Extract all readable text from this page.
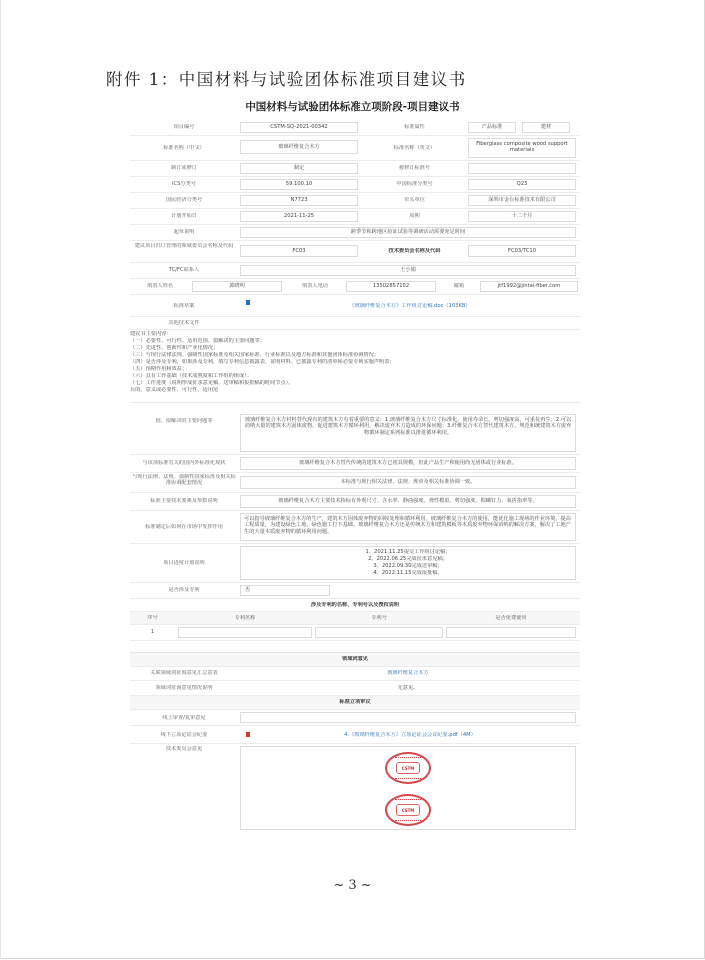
附件 1：中国材料与试验团体标准项目建议书
中国材料与试验团体标准立项阶段-项目建议书
项目编号	CSTM-SQ-2021-00342	标准属性	产品标准	建材
标准名称（中文）	玻璃纤维复合木方	标准名称（英文）
Fiberglass composite wood support materials
制订或修订	制定	被修订标准号
ICS分类号	59.100.10	中国标准分类号	Q23
国民经济分类号	N7723	牵头单位	深圳市金台标准技术有限公司
计划开始日	2021-11-25	周期	十二个月
起草说明	跨季节和跨地区验证试验等调研活动需要充足时间
建议项目归口管理的领域委员会名称及代码
FC03	技术委员会名称及代码	FC03/TC10
TC/FC联系人	王小娟
填表人姓名	郭晓明	填表人电话	13502857102	邮箱	jtf1992@jintai-fiber.com
标准草案	《玻璃纤维复合木方》工作组讨论稿.doc（103KB）
其他技术文件
建议书主要内容：
（一）必要性、可行性、适用范围、拟解决的主要问题等；
（二）先进性、创新性和产业化情况；
（三）与现行法律法规、强制性国家标准及相关国家标准、行业标准以及地方标准和其他团体标准协调情况；
（四）是否涉及专利，如果涉及专利，填写专利信息披露表、证明材料、已披露专利的清单和必要专利实施声明表；
（五）预期作用和效益；
（六）具有工作基础（技术成熟度和工作组的组成）；
（七）工作进度（说明形成征求意见稿、送审稿和报批稿的时间节点）。
目的、意义或必要性、可行性、适用范
围、拟解决的主要问题等	玻璃纤维复合木方材料替代现有的建筑木方有着重要的意义：1.玻璃纤维复合木方尺寸标准化、使用寿命长、剪切强度高、可重复再生；2.可以消纳大量的建筑木方固体废物，促进建筑木方循环利用，解决废弃木方造成的环保问题；3.纤维复合木方替代建筑木方，规范和统建筑木方废弃物循环制定系列标准以推进循环利用。
与该项标准有关的国内外标准化现状	玻璃纤维复合木方替代传统的建筑木方已初具规模，但此产品生产和使用尚无团体或行业标准。
与现行法律、法规、强制性国家标准及相关标准协调配套情况	本标准与现行相关法律、法规、规章及相关标准协调一致。
标准主要技术要素及参数说明	玻璃纤维复合木方主要技术指标有外观尺寸、含水率、静曲强度、弹性模量、剪切强度、握螺钉力、氧折指率等。
标准制定后如何在市场中发挥作用
可以指导玻璃纤维复合木方的生产，建筑木方固体废弃物的回收处理和循环利用。玻璃纤维复合木方的使用，能优化施工现场的作业环境，提高工程质量，为建设绿色工地、绿色施工打下基础。玻璃纤维复合木方还是传统木方和建筑模板等木质废弃物环保消纳的解决方案，解决了工地产生的大量木质废弃物的循环利用问题。
项目进度计划说明
1、2021.11.25提交工作组讨论稿；
2、2022.06.25完成征求意见稿；
3、2022.09.30完成送审稿；
4、2022.11.15完成报批稿。
是否涉及专利	否
涉及专利的名称、专利号以及授权说明
序号	专利名称	专利号	是否免费使用
1
领域词意见
关联领域词征询意见汇总意表	玻璃纤维复合木方
领域词征询意见情况说明	无意见。
标准立项审议
线上审查/复审意见
线下立项论证会纪要	4.《玻璃纤维复合木方》立项论证会会议纪要.pdf（4M）
技术委员会意见
CSTM
CSTM
~ 3 ~
